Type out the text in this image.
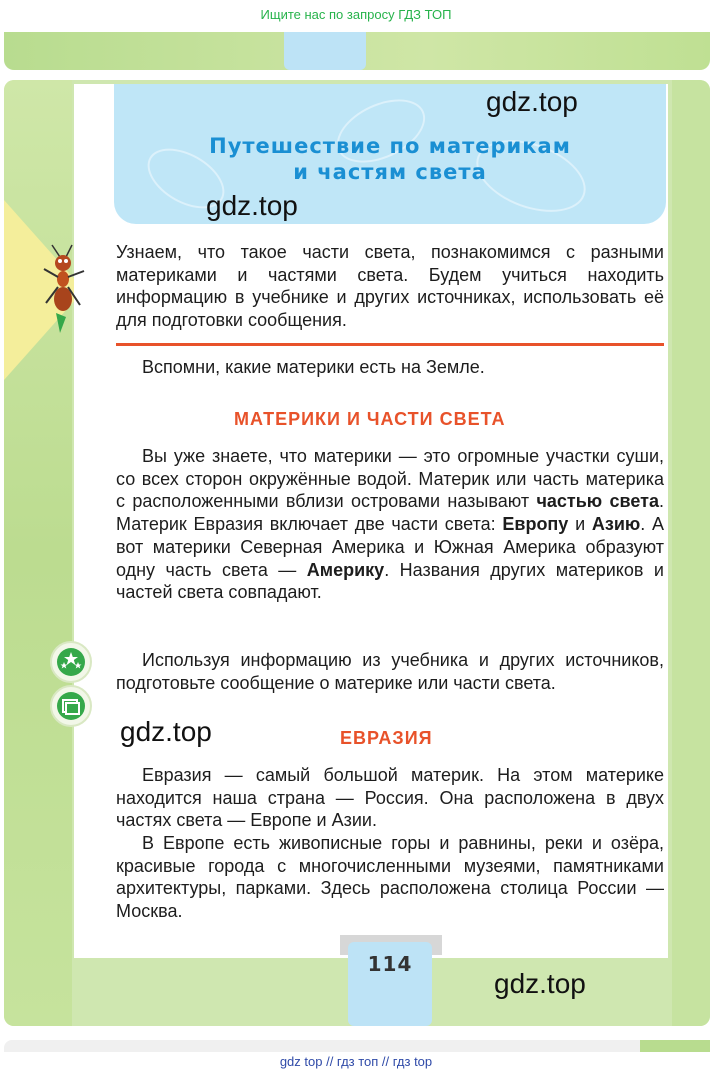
Ищите нас по запросу ГДЗ ТОП
Путешествие по материкам
и частям света
gdz.top
gdz.top
Узнаем, что такое части света, познакомимся с разными материками и частями света. Будем учиться находить информацию в учебнике и других источниках, использовать её для подготовки сообщения.
Вспомни, какие материки есть на Земле.
МАТЕРИКИ И ЧАСТИ СВЕТА
Вы уже знаете, что материки — это огромные участки суши, со всех сторон окружённые водой. Материк или часть материка с расположенными вблизи островами называют частью света. Материк Евразия включает две части света: Европу и Азию. А вот материки Северная Америка и Южная Америка образуют одну часть света — Америку. Названия других материков и частей света совпадают.
Используя информацию из учебника и других источников, подготовьте сообщение о материке или части света.
gdz.top	ЕВРАЗИЯ
Евразия — самый большой материк. На этом материке находится наша страна — Россия. Она расположена в двух частях света — Европе и Азии.
В Европе есть живописные горы и равнины, реки и озёра, красивые города с многочисленными музеями, памятниками архитектуры, парками. Здесь расположена столица России — Москва.
114
gdz.top
gdz top // гдз топ // гдз top
